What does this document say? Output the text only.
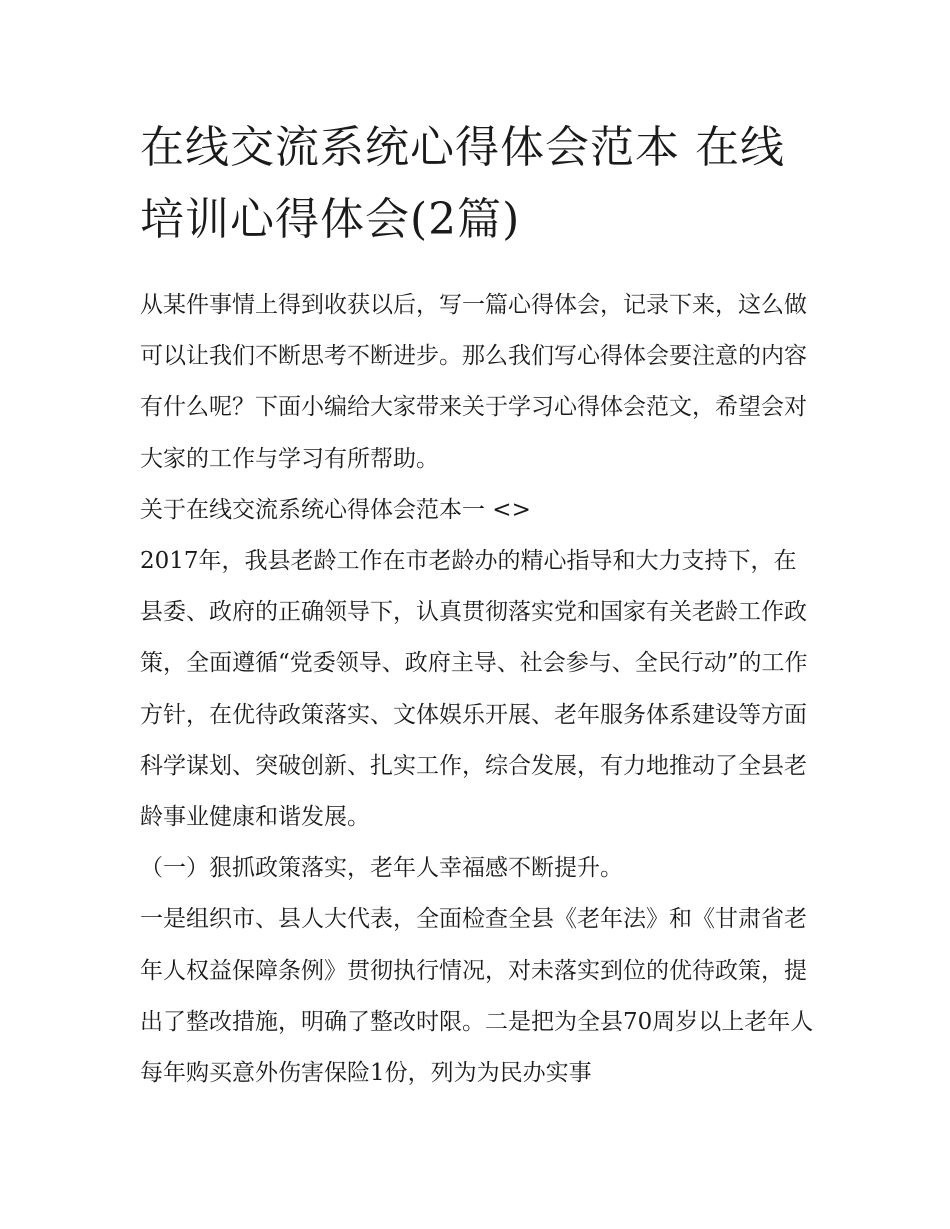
在线交流系统心得体会范本 在线培训心得体会(2篇)

从某件事情上得到收获以后，写一篇心得体会，记录下来，这么做可以让我们不断思考不断进步。那么我们写心得体会要注意的内容有什么呢？下面小编给大家带来关于学习心得体会范文，希望会对大家的工作与学习有所帮助。

关于在线交流系统心得体会范本一 <>

2017年，我县老龄工作在市老龄办的精心指导和大力支持下，在县委、政府的正确领导下，认真贯彻落实党和国家有关老龄工作政策，全面遵循“党委领导、政府主导、社会参与、全民行动”的工作方针，在优待政策落实、文体娱乐开展、老年服务体系建设等方面科学谋划、突破创新、扎实工作，综合发展，有力地推动了全县老龄事业健康和谐发展。

（一）狠抓政策落实，老年人幸福感不断提升。

一是组织市、县人大代表，全面检查全县《老年法》和《甘肃省老年人权益保障条例》贯彻执行情况，对未落实到位的优待政策，提出了整改措施，明确了整改时限。二是把为全县70周岁以上老年人每年购买意外伤害保险1份，列为为民办实事
